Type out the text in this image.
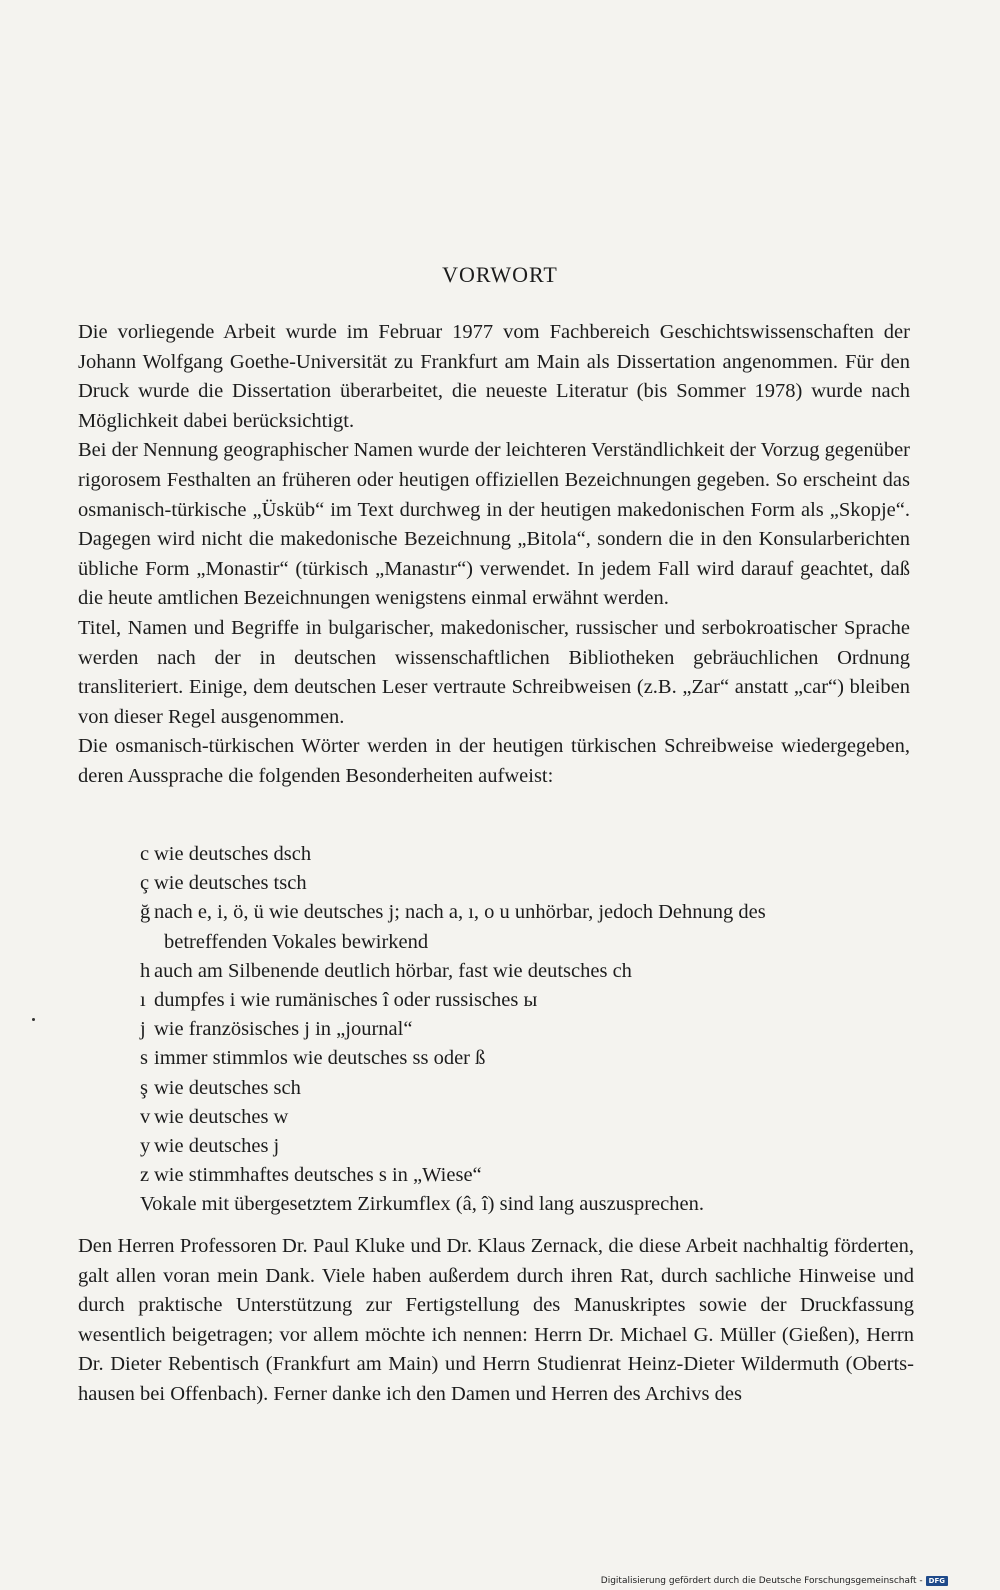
VORWORT

Die vorliegende Arbeit wurde im Februar 1977 vom Fachbereich Geschichtswissenschaften der Johann Wolfgang Goethe-Universität zu Frankfurt am Main als Dissertation angenommen. Für den Druck wurde die Dissertation überarbeitet, die neueste Literatur (bis Sommer 1978) wurde nach Möglichkeit dabei berücksichtigt.

Bei der Nennung geographischer Namen wurde der leichteren Verständlichkeit der Vorzug gegenüber rigorosem Festhalten an früheren oder heutigen offiziellen Bezeichnungen gegeben. So erscheint das osmanisch-türkische „Üsküb“ im Text durchweg in der heutigen makedonischen Form als „Skopje“. Dagegen wird nicht die makedonische Bezeichnung „Bitola“, sondern die in den Konsularberichten übliche Form „Monastir“ (türkisch „Manastır“) verwendet. In jedem Fall wird darauf geachtet, daß die heute amtlichen Bezeichnungen wenigstens einmal erwähnt werden.

Titel, Namen und Begriffe in bulgarischer, makedonischer, russischer und serbokroatischer Sprache werden nach der in deutschen wissenschaftlichen Bibliotheken gebräuchlichen Ordnung transliteriert. Einige, dem deutschen Leser vertraute Schreibweisen (z.B. „Zar“ anstatt „car“) bleiben von dieser Regel ausgenommen.

Die osmanisch-türkischen Wörter werden in der heutigen türkischen Schreibweise wiedergegeben, deren Aussprache die folgenden Besonderheiten aufweist:

c wie deutsches dsch
ç wie deutsches tsch
ğ nach e, i, ö, ü wie deutsches j; nach a, ı, o u unhörbar, jedoch Dehnung des
betreffenden Vokales bewirkend
h auch am Silbenende deutlich hörbar, fast wie deutsches ch
ı dumpfes i wie rumänisches î oder russisches ы
j wie französisches j in „journal“
s immer stimmlos wie deutsches ss oder ß
ş wie deutsches sch
v wie deutsches w
y wie deutsches j
z wie stimmhaftes deutsches s in „Wiese“
Vokale mit übergesetztem Zirkumflex (â, î) sind lang auszusprechen.
Den Herren Professoren Dr. Paul Kluke und Dr. Klaus Zernack, die diese Arbeit nachhaltig förderten, galt allen voran mein Dank. Viele haben außerdem durch ihren Rat, durch sachliche Hinweise und durch praktische Unterstützung zur Fertigstellung des Manuskriptes sowie der Druckfassung wesentlich beigetragen; vor allem möchte ich nennen: Herrn Dr. Michael G. Müller (Gießen), Herrn Dr. Dieter Rebentisch (Frankfurt am Main) und Herrn Studienrat Heinz-Dieter Wildermuth (Oberts-hausen bei Offenbach). Ferner danke ich den Damen und Herren des Archivs des
Digitalisierung gefördert durch die Deutsche Forschungsgemeinschaft - DFG
